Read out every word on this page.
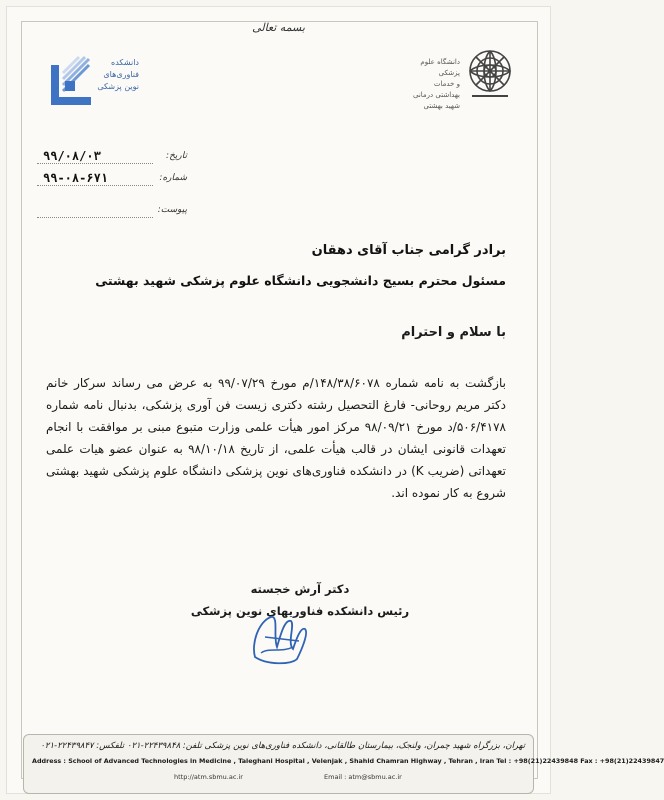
بسمه تعالی
دانشکده
فناوری‌های
نوین پزشکی
دانشگاه علوم پزشکی
و خدمات بهداشتی درمانی
شهید بهشتی
تاریخ:
۹۹/۰۸/۰۳
شماره:
۹۹-۰۸-۶۷۱
پیوست:
برادر گرامی جناب آقای دهقان
مسئول محترم بسیج دانشجویی دانشگاه علوم پزشکی شهید بهشتی
با سلام و احترام

بازگشت به نامه شماره ۱۴۸/۳۸/۶۰۷۸/م مورخ ۹۹/۰۷/۲۹ به عرض می رساند سرکار خانم دکتر مریم روحانی- فارغ التحصیل رشته دکتری زیست فن آوری پزشکی، بدنبال نامه شماره ۵۰۶/۴۱۷۸/د مورخ ۹۸/۰۹/۲۱ مرکز امور هیأت علمی وزارت متبوع مبنی بر موافقت با انجام تعهدات قانونی ایشان در قالب هیأت علمی، از تاریخ ۹۸/۱۰/۱۸ به عنوان عضو هیات علمی تعهداتی (ضریب K) در دانشکده فناوری‌های نوین پزشکی دانشگاه علوم پزشکی شهید بهشتی شروع به کار نموده اند.

دکتر آرش خجسته
رئیس دانشکده فناوریهای نوین پزشکی
تهران، بزرگراه شهید چمران، ولنجک، بیمارستان طالقانی، دانشکده فناوری‌های نوین پزشکی تلفن: ۲۲۴۳۹۸۴۸-۰۲۱ تلفکس: ۲۲۴۳۹۸۴۷-۰۲۱
Address : School of Advanced Technologies in Medicine , Taleghani Hospital , Velenjak , Shahid Chamran Highway , Tehran , Iran Tel : +98(21)22439848 Fax : +98(21)22439847
http://atm.sbmu.ac.ir	Email : atm@sbmu.ac.ir
